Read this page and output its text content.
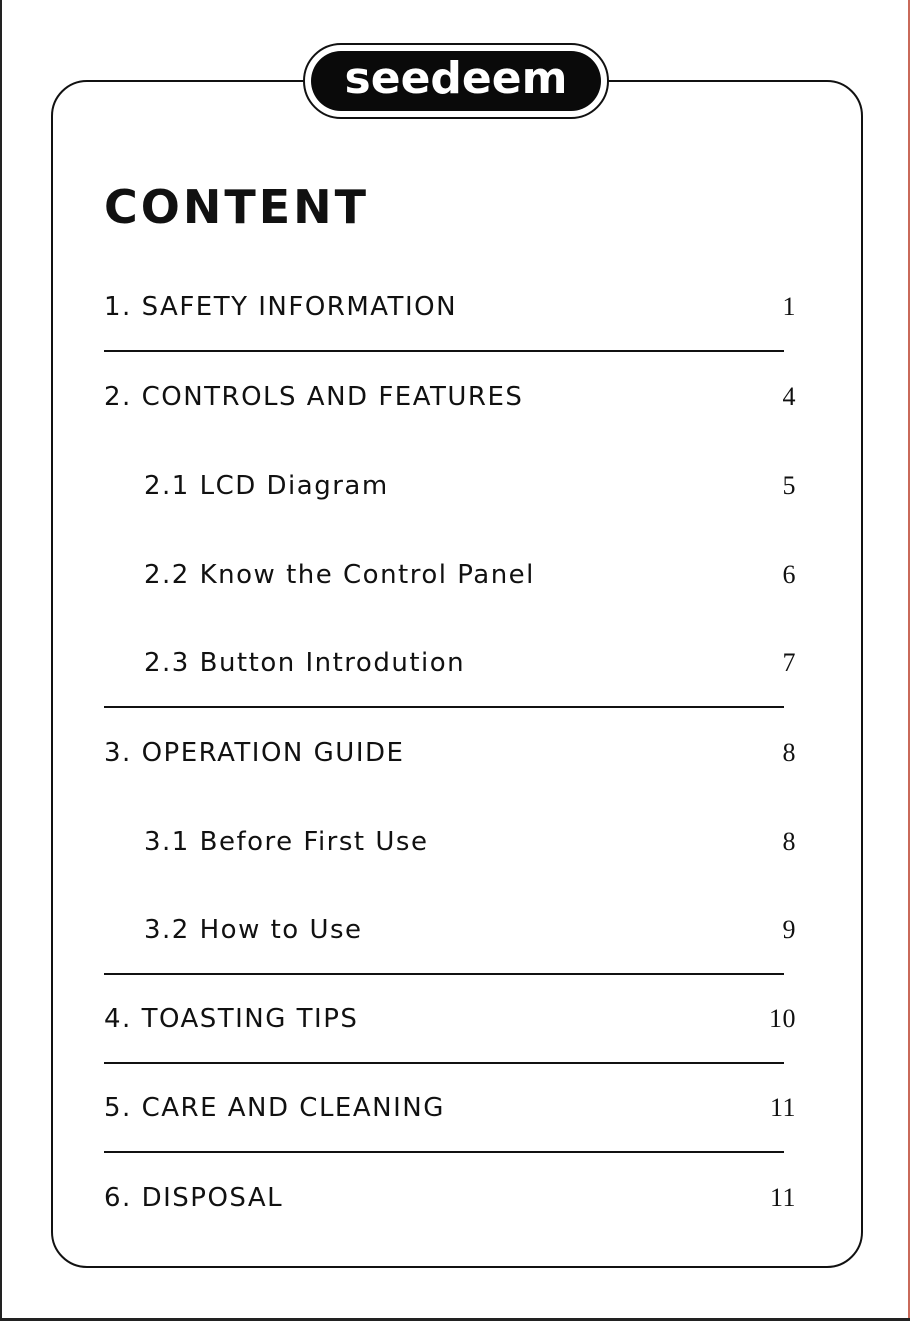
seedeem
CONTENT
1. SAFETY INFORMATION	1
2. CONTROLS AND FEATURES	4
2.1 LCD Diagram	5
2.2 Know the Control Panel	6
2.3 Button Introdution	7
3. OPERATION GUIDE	8
3.1 Before First Use	8
3.2 How to Use	9
4. TOASTING TIPS	10
5. CARE AND CLEANING	11
6. DISPOSAL	11
